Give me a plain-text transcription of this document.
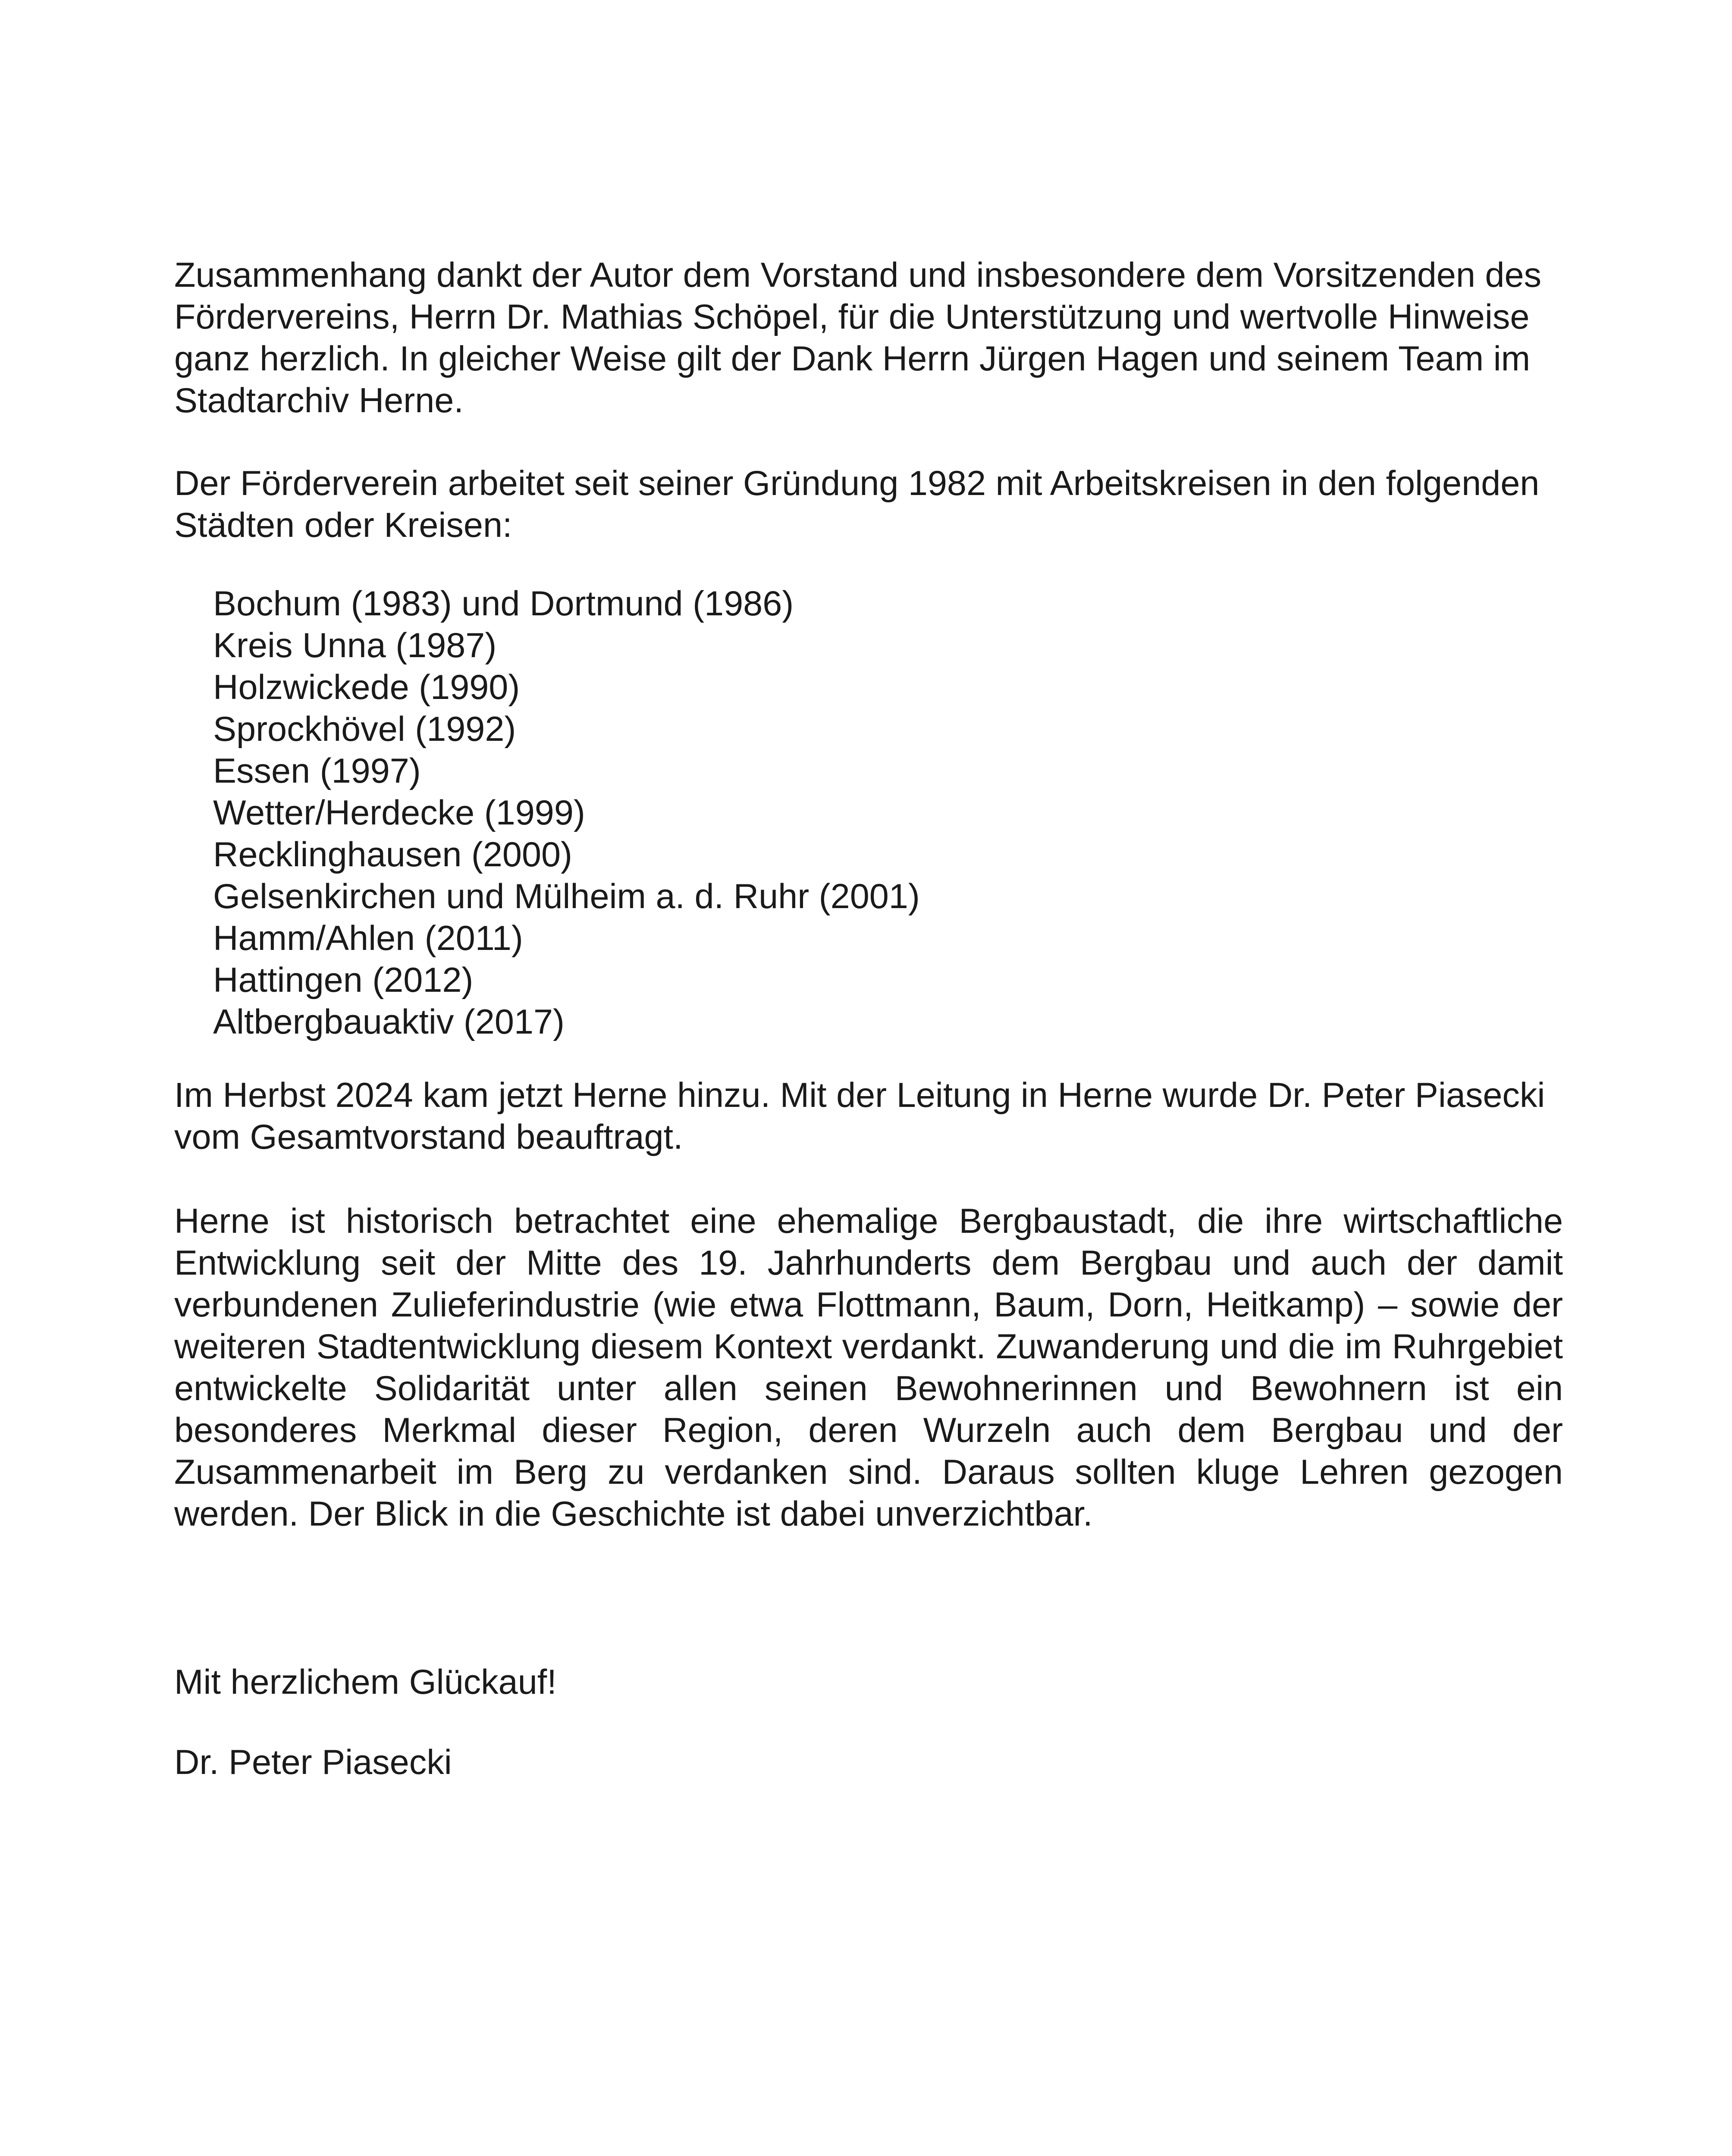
Zusammenhang dankt der Autor dem Vorstand und insbesondere dem Vorsitzenden des Fördervereins, Herrn Dr. Mathias Schöpel, für die Unterstützung und wertvolle Hinweise ganz herzlich. In gleicher Weise gilt der Dank Herrn Jürgen Hagen und seinem Team im Stadtarchiv Herne.
Der Förderverein arbeitet seit seiner Gründung 1982 mit Arbeitskreisen in den folgenden Städten oder Kreisen:
Bochum (1983) und Dortmund (1986)
Kreis Unna (1987)
Holzwickede (1990)
Sprockhövel (1992)
Essen (1997)
Wetter/Herdecke (1999)
Recklinghausen (2000)
Gelsenkirchen und Mülheim a. d. Ruhr (2001)
Hamm/Ahlen (2011)
Hattingen (2012)
Altbergbauaktiv (2017)
Im Herbst 2024 kam jetzt Herne hinzu. Mit der Leitung in Herne wurde Dr. Peter Piasecki vom Gesamtvorstand beauftragt.
Herne ist historisch betrachtet eine ehemalige Bergbaustadt, die ihre wirtschaftliche Entwicklung seit der Mitte des 19. Jahrhunderts dem Bergbau und auch der damit verbundenen Zulieferindustrie (wie etwa Flottmann, Baum, Dorn, Heitkamp) – sowie der weiteren Stadtentwicklung diesem Kontext verdankt. Zuwanderung und die im Ruhrgebiet entwickelte Solidarität unter allen seinen Bewohnerinnen und Bewohnern ist ein besonderes Merkmal dieser Region, deren Wurzeln auch dem Bergbau und der Zusammenarbeit im Berg zu verdanken sind. Daraus sollten kluge Lehren gezogen werden. Der Blick in die Geschichte ist dabei unverzichtbar.
Mit herzlichem Glückauf!
Dr. Peter Piasecki
